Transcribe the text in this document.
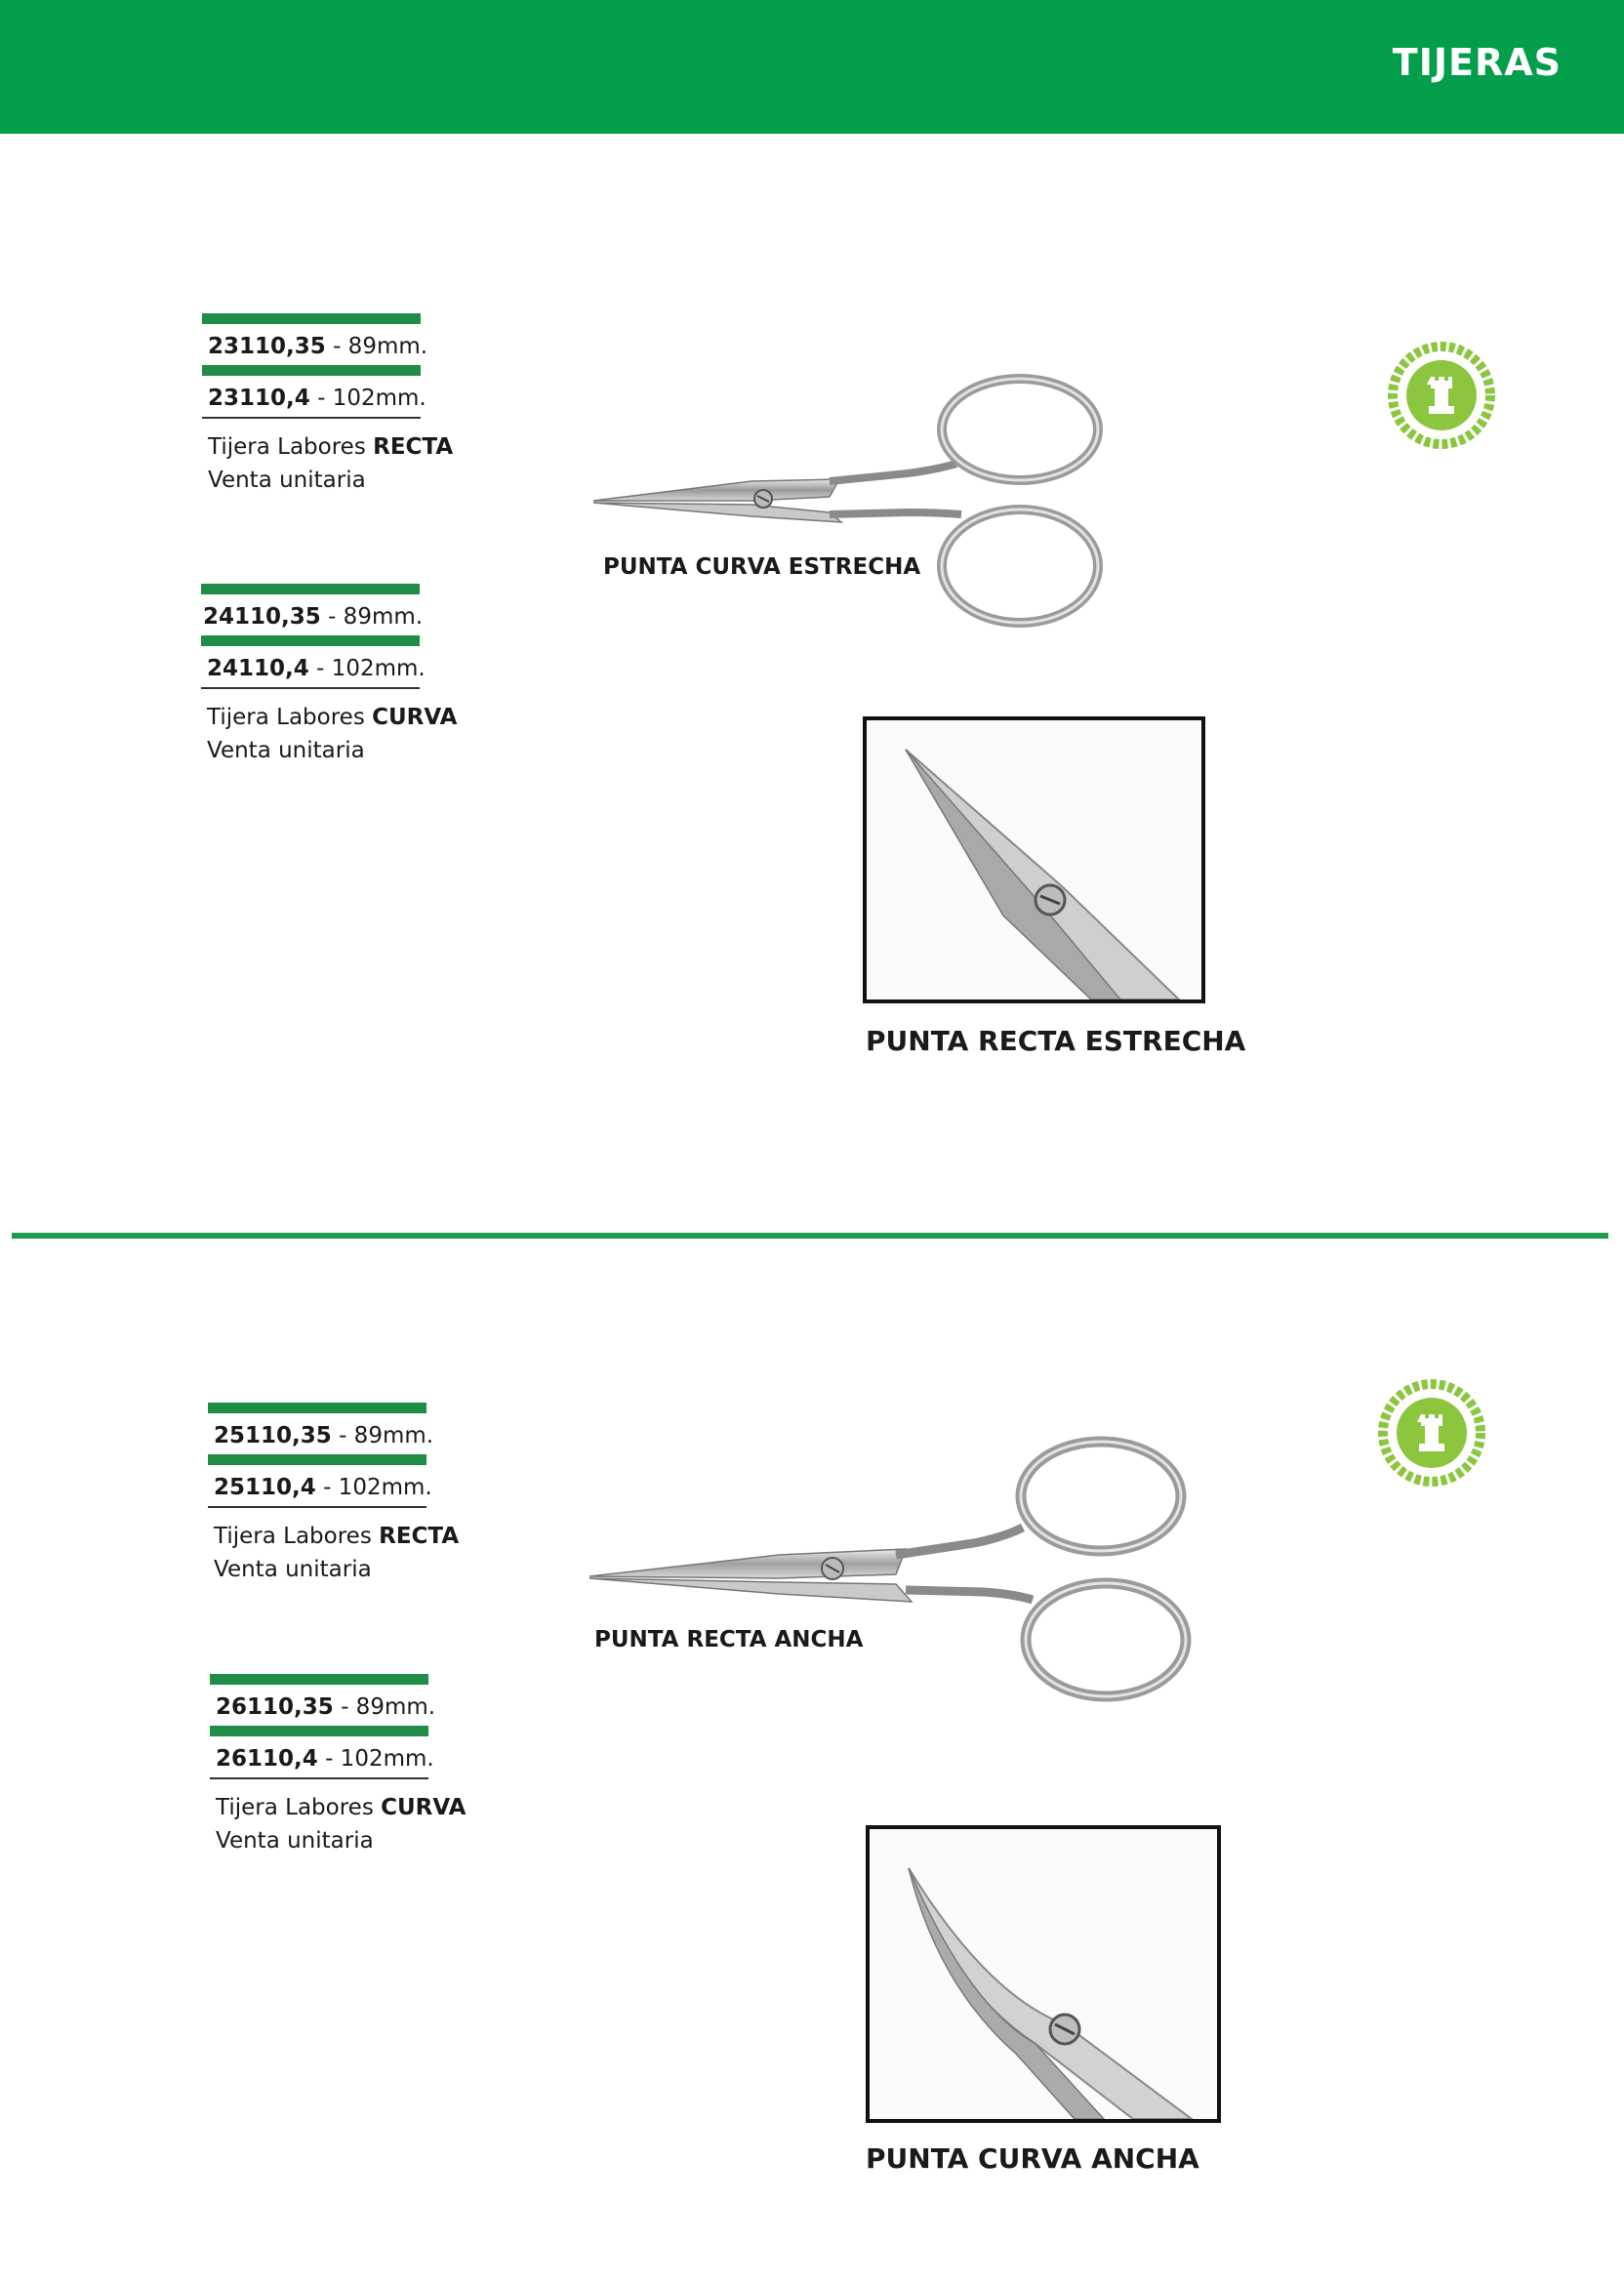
TIJERAS
23110,35 - 89mm.
23110,4 - 102mm.
Tijera Labores RECTA
Venta unitaria
24110,35 - 89mm.
24110,4 - 102mm.
Tijera Labores CURVA
Venta unitaria
PUNTA CURVA ESTRECHA
PUNTA RECTA ESTRECHA
25110,35 - 89mm.
25110,4 - 102mm.
Tijera Labores RECTA
Venta unitaria
26110,35 - 89mm.
26110,4 - 102mm.
Tijera Labores CURVA
Venta unitaria
PUNTA RECTA ANCHA
PUNTA CURVA ANCHA
